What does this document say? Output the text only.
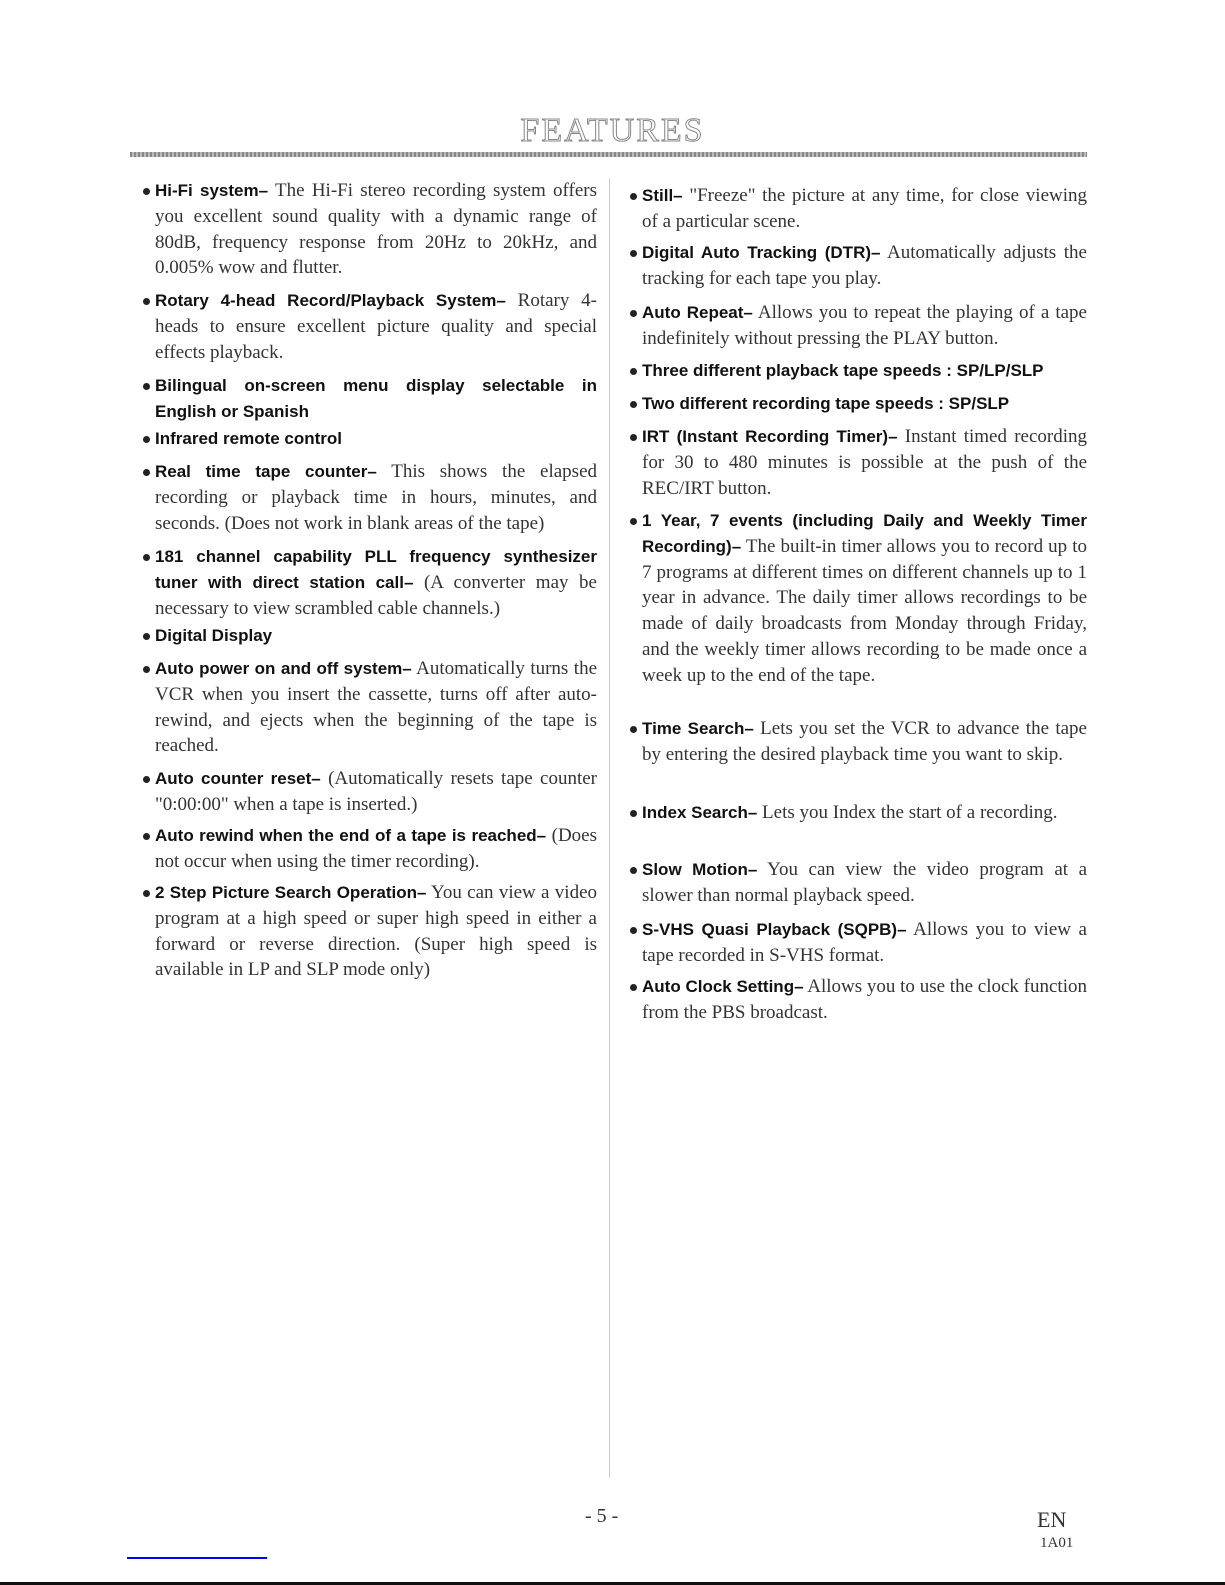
FEATURES
Hi-Fi system– The Hi-Fi stereo recording system offers you excellent sound quality with a dynamic range of 80dB, frequency response from 20Hz to 20kHz, and 0.005% wow and flutter.
Rotary 4-head Record/Playback System– Rotary 4-heads to ensure excellent picture quality and special effects playback.
Bilingual on-screen menu display selectable in English or Spanish
Infrared remote control
Real time tape counter– This shows the elapsed recording or playback time in hours, minutes, and seconds. (Does not work in blank areas of the tape)
181 channel capability PLL frequency synthesizer tuner with direct station call– (A converter may be necessary to view scrambled cable channels.)
Digital Display
Auto power on and off system– Automatically turns the VCR when you insert the cassette, turns off after auto-rewind, and ejects when the beginning of the tape is reached.
Auto counter reset– (Automatically resets tape counter "0:00:00" when a tape is inserted.)
Auto rewind when the end of a tape is reached– (Does not occur when using the timer recording).
2 Step Picture Search Operation– You can view a video program at a high speed or super high speed in either a forward or reverse direction. (Super high speed is available in LP and SLP mode only)
Still– "Freeze" the picture at any time, for close viewing of a particular scene.
Digital Auto Tracking (DTR)– Automatically adjusts the tracking for each tape you play.
Auto Repeat– Allows you to repeat the playing of a tape indefinitely without pressing the PLAY button.
Three different playback tape speeds : SP/LP/SLP
Two different recording tape speeds : SP/SLP
IRT (Instant Recording Timer)– Instant timed recording for 30 to 480 minutes is possible at the push of the REC/IRT button.
1 Year, 7 events (including Daily and Weekly Timer Recording)– The built-in timer allows you to record up to 7 programs at different times on different channels up to 1 year in advance. The daily timer allows recordings to be made of daily broadcasts from Monday through Friday, and the weekly timer allows recording to be made once a week up to the end of the tape.
Time Search– Lets you set the VCR to advance the tape by entering the desired playback time you want to skip.
Index Search– Lets you Index the start of a recording.
Slow Motion– You can view the video program at a slower than normal playback speed.
S-VHS Quasi Playback (SQPB)– Allows you to view a tape recorded in S-VHS format.
Auto Clock Setting– Allows you to use the clock function from the PBS broadcast.
- 5 -	EN
1A01
